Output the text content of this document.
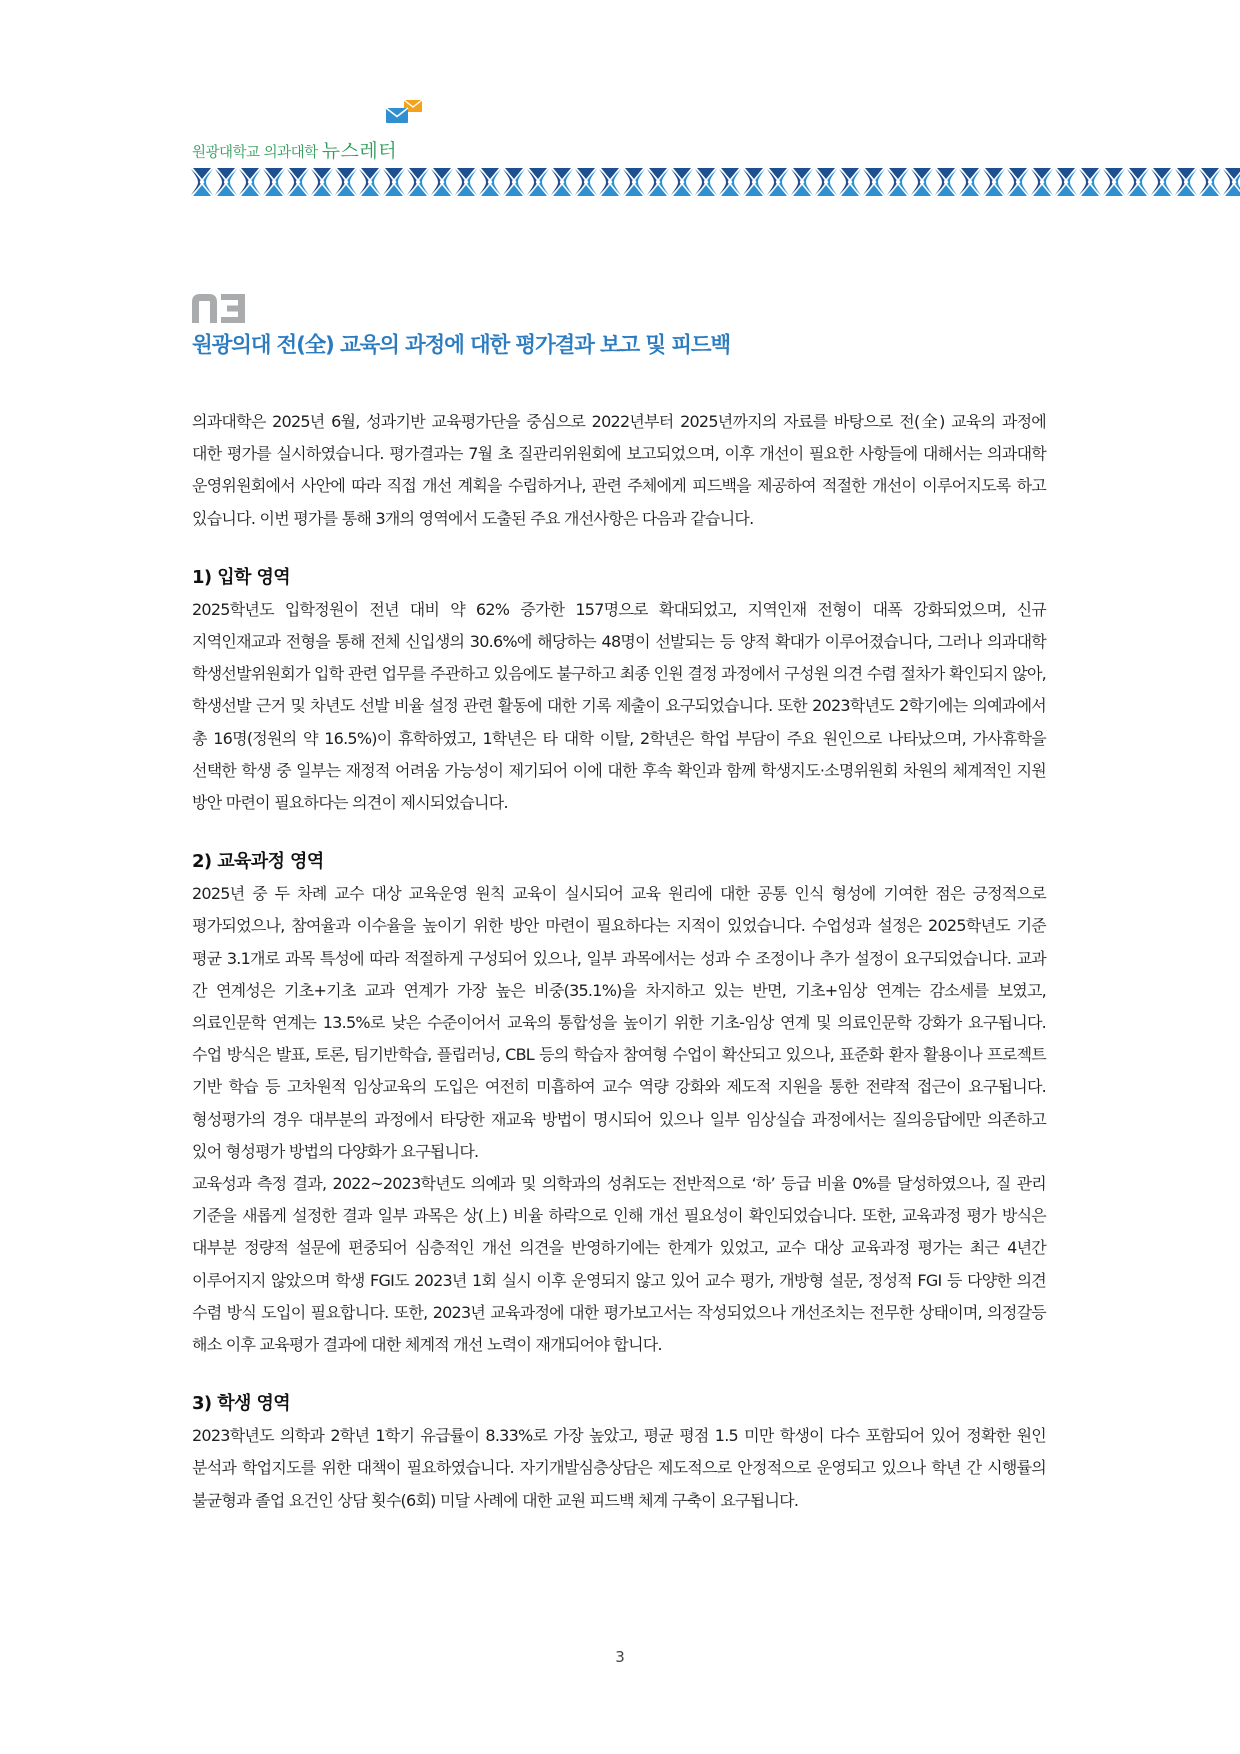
원광대학교 의과대학 뉴스레터
03
원광의대 전(全) 교육의 과정에 대한 평가결과 보고 및 피드백

의과대학은 2025년 6월, 성과기반 교육평가단을 중심으로 2022년부터 2025년까지의 자료를 바탕으로 전(全) 교육의 과정에 대한 평가를 실시하였습니다. 평가결과는 7월 초 질관리위원회에 보고되었으며, 이후 개선이 필요한 사항들에 대해서는 의과대학 운영위원회에서 사안에 따라 직접 개선 계획을 수립하거나, 관련 주체에게 피드백을 제공하여 적절한 개선이 이루어지도록 하고 있습니다. 이번 평가를 통해 3개의 영역에서 도출된 주요 개선사항은 다음과 같습니다.

1) 입학 영역

2025학년도 입학정원이 전년 대비 약 62% 증가한 157명으로 확대되었고, 지역인재 전형이 대폭 강화되었으며, 신규 지역인재교과 전형을 통해 전체 신입생의 30.6%에 해당하는 48명이 선발되는 등 양적 확대가 이루어졌습니다, 그러나 의과대학 학생선발위원회가 입학 관련 업무를 주관하고 있음에도 불구하고 최종 인원 결정 과정에서 구성원 의견 수렴 절차가 확인되지 않아, 학생선발 근거 및 차년도 선발 비율 설정 관련 활동에 대한 기록 제출이 요구되었습니다. 또한 2023학년도 2학기에는 의예과에서 총 16명(정원의 약 16.5%)이 휴학하였고, 1학년은 타 대학 이탈, 2학년은 학업 부담이 주요 원인으로 나타났으며, 가사휴학을 선택한 학생 중 일부는 재정적 어려움 가능성이 제기되어 이에 대한 후속 확인과 함께 학생지도·소명위원회 차원의 체계적인 지원 방안 마련이 필요하다는 의견이 제시되었습니다.

2) 교육과정 영역

2025년 중 두 차례 교수 대상 교육운영 원칙 교육이 실시되어 교육 원리에 대한 공통 인식 형성에 기여한 점은 긍정적으로 평가되었으나, 참여율과 이수율을 높이기 위한 방안 마련이 필요하다는 지적이 있었습니다. 수업성과 설정은 2025학년도 기준 평균 3.1개로 과목 특성에 따라 적절하게 구성되어 있으나, 일부 과목에서는 성과 수 조정이나 추가 설정이 요구되었습니다. 교과 간 연계성은 기초+기초 교과 연계가 가장 높은 비중(35.1%)을 차지하고 있는 반면, 기초+임상 연계는 감소세를 보였고, 의료인문학 연계는 13.5%로 낮은 수준이어서 교육의 통합성을 높이기 위한 기초-임상 연계 및 의료인문학 강화가 요구됩니다. 수업 방식은 발표, 토론, 팀기반학습, 플립러닝, CBL 등의 학습자 참여형 수업이 확산되고 있으나, 표준화 환자 활용이나 프로젝트 기반 학습 등 고차원적 임상교육의 도입은 여전히 미흡하여 교수 역량 강화와 제도적 지원을 통한 전략적 접근이 요구됩니다. 형성평가의 경우 대부분의 과정에서 타당한 재교육 방법이 명시되어 있으나 일부 임상실습 과정에서는 질의응답에만 의존하고 있어 형성평가 방법의 다양화가 요구됩니다.

교육성과 측정 결과, 2022~2023학년도 의예과 및 의학과의 성취도는 전반적으로 ‘하’ 등급 비율 0%를 달성하였으나, 질 관리 기준을 새롭게 설정한 결과 일부 과목은 상(上) 비율 하락으로 인해 개선 필요성이 확인되었습니다. 또한, 교육과정 평가 방식은 대부분 정량적 설문에 편중되어 심층적인 개선 의견을 반영하기에는 한계가 있었고, 교수 대상 교육과정 평가는 최근 4년간 이루어지지 않았으며 학생 FGI도 2023년 1회 실시 이후 운영되지 않고 있어 교수 평가, 개방형 설문, 정성적 FGI 등 다양한 의견 수렴 방식 도입이 필요합니다. 또한, 2023년 교육과정에 대한 평가보고서는 작성되었으나 개선조치는 전무한 상태이며, 의정갈등 해소 이후 교육평가 결과에 대한 체계적 개선 노력이 재개되어야 합니다.

3) 학생 영역

2023학년도 의학과 2학년 1학기 유급률이 8.33%로 가장 높았고, 평균 평점 1.5 미만 학생이 다수 포함되어 있어 정확한 원인 분석과 학업지도를 위한 대책이 필요하였습니다. 자기개발심층상담은 제도적으로 안정적으로 운영되고 있으나 학년 간 시행률의 불균형과 졸업 요건인 상담 횟수(6회) 미달 사례에 대한 교원 피드백 체계 구축이 요구됩니다.

3
